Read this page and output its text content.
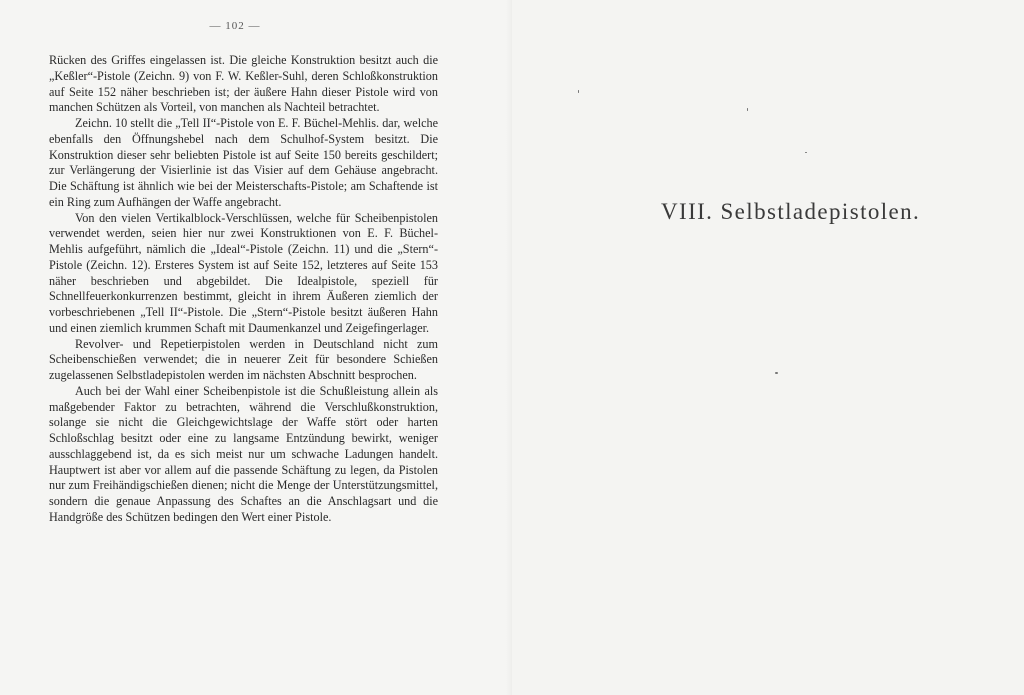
— 102 —

Rücken des Griffes eingelassen ist. Die gleiche Konstruktion besitzt auch die „Keßler“-Pistole (Zeichn. 9) von F. W. Keßler-Suhl, deren Schloßkonstruktion auf Seite 152 näher beschrieben ist; der äußere Hahn dieser Pistole wird von manchen Schützen als Vorteil, von manchen als Nachteil betrachtet.

Zeichn. 10 stellt die „Tell II“-Pistole von E. F. Büchel-Mehlis. dar, welche ebenfalls den Öffnungshebel nach dem Schulhof-System besitzt. Die Konstruktion dieser sehr beliebten Pistole ist auf Seite 150 bereits geschildert; zur Verlängerung der Visierlinie ist das Visier auf dem Gehäuse angebracht. Die Schäftung ist ähnlich wie bei der Meisterschafts-Pistole; am Schaftende ist ein Ring zum Aufhängen der Waffe angebracht.

Von den vielen Vertikalblock-Verschlüssen, welche für Scheibenpistolen verwendet werden, seien hier nur zwei Konstruktionen von E. F. Büchel-Mehlis aufgeführt, nämlich die „Ideal“-Pistole (Zeichn. 11) und die „Stern“-Pistole (Zeichn. 12). Ersteres System ist auf Seite 152, letzteres auf Seite 153 näher beschrieben und abgebildet. Die Idealpistole, speziell für Schnellfeuerkonkurrenzen bestimmt, gleicht in ihrem Äußeren ziemlich der vorbeschriebenen „Tell II“-Pistole. Die „Stern“-Pistole besitzt äußeren Hahn und einen ziemlich krummen Schaft mit Daumenkanzel und Zeigefingerlager.

Revolver- und Repetierpistolen werden in Deutschland nicht zum Scheibenschießen verwendet; die in neuerer Zeit für besondere Schießen zugelassenen Selbstladepistolen werden im nächsten Abschnitt besprochen.

Auch bei der Wahl einer Scheibenpistole ist die Schußleistung allein als maßgebender Faktor zu betrachten, während die Verschlußkonstruktion, solange sie nicht die Gleichgewichtslage der Waffe stört oder harten Schloßschlag besitzt oder eine zu langsame Entzündung bewirkt, weniger ausschlaggebend ist, da es sich meist nur um schwache Ladungen handelt. Hauptwert ist aber vor allem auf die passende Schäftung zu legen, da Pistolen nur zum Freihändigschießen dienen; nicht die Menge der Unterstützungsmittel, sondern die genaue Anpassung des Schaftes an die Anschlagsart und die Handgröße des Schützen bedingen den Wert einer Pistole.

VIII. Selbstladepistolen.
